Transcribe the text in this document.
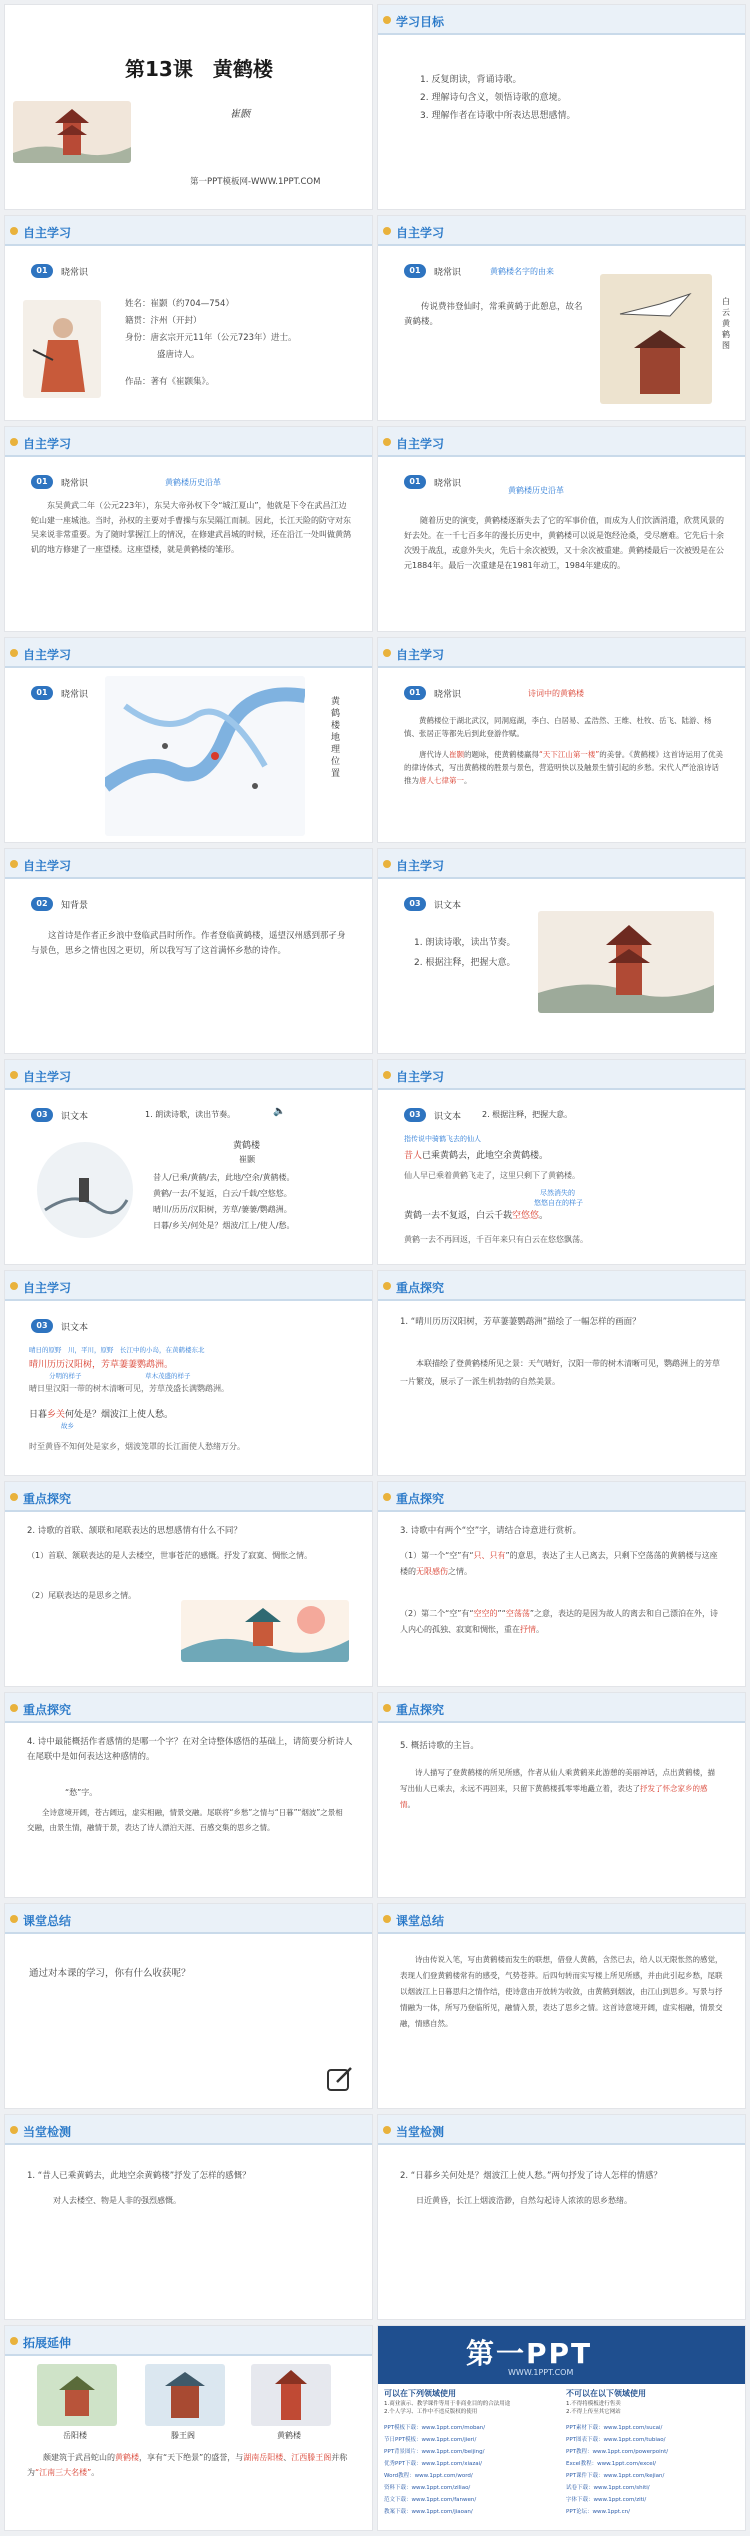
第13课　黄鹤楼
崔颢
第一PPT模板网-WWW.1PPT.COM
学习目标
1. 反复朗读，背诵诗歌。
2. 理解诗句含义，领悟诗歌的意境。
3. 理解作者在诗歌中所表达思想感情。
自主学习
01	晓常识
姓名：崔颢（约704—754）
籍贯：汴州（开封）
身份：唐玄宗开元11年（公元723年）进士。
盛唐诗人。
作品：著有《崔颢集》。
自主学习
01	晓常识	黄鹤楼名字的由来
传说费祎登仙时，常乘黄鹤于此憩息，故名黄鹤楼。
白云黄鹤图
自主学习
01	晓常识	黄鹤楼历史沿革
东吴黄武二年（公元223年），东吴大帝孙权下令“城江夏山”，他就是下令在武昌江边蛇山建一座城池。当时，孙权的主要对手曹操与东吴隔江而制。因此，长江天险的防守对东吴来说非常重要。为了随时掌握江上的情况，在修建武昌城的时候，还在沿江一处叫做黄鹄矶的地方修建了一座望楼。这座望楼，就是黄鹤楼的雏形。
自主学习
01	晓常识
黄鹤楼历史沿革
随着历史的演变，黄鹤楼逐渐失去了它的军事价值，而成为人们饮酒消遣，欣赏风景的好去处。在一千七百多年的漫长历史中，黄鹤楼可以说是饱经沧桑，受尽磨难。它先后十余次毁于战乱，或意外失火，先后十余次被毁，又十余次被重建。黄鹤楼最后一次被毁是在公元1884年。最后一次重建是在1981年动工，1984年建成的。
自主学习
01	晓常识
黄鹤楼地理位置
自主学习
01	晓常识	诗词中的黄鹤楼
黄鹤楼位于湖北武汉，同洞庭湖，李白、白居易、孟浩然、王维、杜牧、岳飞、陆游、杨慎、张居正等都先后到此登游作赋。
唐代诗人崔颢的题咏，使黄鹤楼赢得“天下江山第一楼”的美誉。《黄鹤楼》这首诗运用了优美的律诗体式，写出黄鹤楼的胜景与景色，营造明快以及触景生情引起的乡愁。宋代人严沧浪诗话推为唐人七律第一。
自主学习
02	知背景
这首诗是作者正乡浪中登临武昌时所作。作者登临黄鹤楼，遥望汉州感到那孑身与景色，思乡之情也因之更切，所以我写写了这首满怀乡愁的诗作。
自主学习
03	识文本
1. 朗读诗歌，读出节奏。
2. 根据注释，把握大意。
自主学习
03	识文本	1. 朗读诗歌，读出节奏。	🔈
黄鹤楼
崔颢
昔人/已乘/黄鹤/去，此地/空余/黄鹤楼。
黄鹤/一去/不复返，白云/千载/空悠悠。
晴川/历历/汉阳树，芳草/萋萋/鹦鹉洲。
日暮/乡关/何处是？烟波/江上/使人/愁。
自主学习
03	识文本	2. 根据注释，把握大意。
指传说中骑鹤飞去的仙人
昔人已乘黄鹤去，此地空余黄鹤楼。
仙人早已乘着黄鹤飞走了，这里只剩下了黄鹤楼。
尽然消失的
悠悠自在的样子
黄鹤一去不复返，白云千载空悠悠。
黄鹤一去不再回返，千百年来只有白云在悠悠飘荡。
自主学习
03	识文本
晴日的原野　 川，平川，原野　 长江中的小岛，在黄鹤楼东北
晴川历历汉阳树，芳草萋萋鹦鹉洲。
分明的样子	草木茂盛的样子
晴日里汉阳一带的树木清晰可见，芳草茂盛长满鹦鹉洲。
日暮乡关何处是？烟波江上使人愁。
故乡
时至黄昏不知何处是家乡，烟波笼罩的长江面使人愁绪万分。
重点探究
1. “晴川历历汉阳树，芳草萋萋鹦鹉洲”描绘了一幅怎样的画面？
本联描绘了登黄鹤楼所见之景：天气晴好，汉阳一带的树木清晰可见，鹦鹉洲上的芳草一片繁茂，展示了一派生机勃勃的自然美景。
重点探究
2. 诗歌的首联、颔联和尾联表达的思想感情有什么不同？
（1）首联、颔联表达的是人去楼空，世事苍茫的感慨。抒发了寂寞、惆怅之情。
（2）尾联表达的是思乡之情。
重点探究
3. 诗歌中有两个“空”字，请结合诗意进行赏析。
（1）第一个“空”有“只、只有”的意思，表达了主人已离去，只剩下空荡荡的黄鹤楼与这座楼的无限感伤之情。
（2）第二个“空”有“空空的”“空荡荡”之意，表达的是因为故人的离去和自己漂泊在外，诗人内心的孤独、寂寞和惆怅，重在抒情。
重点探究
4. 诗中最能概括作者感情的是哪一个字？在对全诗整体感悟的基础上，请简要分析诗人在尾联中是如何表达这种感情的。
“愁”字。
全诗意境开阔，苍古阔远，虚实相融，情景交融。尾联将“乡愁”之情与“日暮”“烟波”之景相交融，由景生情，融情于景，表达了诗人漂泊天涯、百感交集的思乡之情。
重点探究
5. 概括诗歌的主旨。
诗人描写了登黄鹤楼的所见所感，作者从仙人乘黄鹤来此游憩的美丽神话，点出黄鹤楼，描写出仙人已乘去，永远不再回来，只留下黄鹤楼孤零零地矗立着，表达了抒发了怀念家乡的感情。
课堂总结
通过对本课的学习，你有什么收获呢？
课堂总结
诗由传说入笔，写由黄鹤楼而发生的联想，借登人黄鹤，含然已去，给人以无限怅然的感觉，表现人们登黄鹤楼常有的感受，气势苍莽。后四句转而实写楼上所见所感，并由此引起乡愁，尾联以烟波江上日暮思归之情作结，使诗意由开放转为收敛，由黄鹤到烟波，由江山到思乡。写景与抒情融为一体，所写乃登临所见，融情入景，表达了思乡之情。这首诗意境开阔，虚实相融，情景交融，情感自然。
当堂检测
1. “昔人已乘黄鹤去，此地空余黄鹤楼”抒发了怎样的感慨？
对人去楼空、物是人非的强烈感慨。
当堂检测
2. “日暮乡关何处是？烟波江上使人愁。”两句抒发了诗人怎样的情感？
日近黄昏，长江上烟波浩渺，自然勾起诗人浓浓的思乡愁绪。
拓展延伸
岳阳楼	滕王阁	黄鹤楼
颇建筑于武昌蛇山的黄鹤楼，享有“天下绝景”的盛誉，与湖南岳阳楼、江西滕王阁并称为“江南三大名楼”。
第一PPT
WWW.1PPT.COM
可以在下列领域使用	不可以在以下领域使用
1.商业演示、教学课件等用于非商业目的的合法用途
2.个人学习、工作中不违反版权的使用
1.不得将模板进行售卖
2.不得上传至其它网站
PPT模板下载：www.1ppt.com/moban/
节日PPT模板：www.1ppt.com/jieri/
PPT背景图片：www.1ppt.com/beijing/
优秀PPT下载：www.1ppt.com/xiazai/
Word教程：www.1ppt.com/word/
资料下载：www.1ppt.com/ziliao/
范文下载：www.1ppt.com/fanwen/
教案下载：www.1ppt.com/jiaoan/
PPT素材下载：www.1ppt.com/sucai/
PPT图表下载：www.1ppt.com/tubiao/
PPT教程：www.1ppt.com/powerpoint/
Excel教程：www.1ppt.com/excel/
PPT课件下载：www.1ppt.com/kejian/
试卷下载：www.1ppt.com/shiti/
字体下载：www.1ppt.com/ziti/
PPT论坛：www.1ppt.cn/
